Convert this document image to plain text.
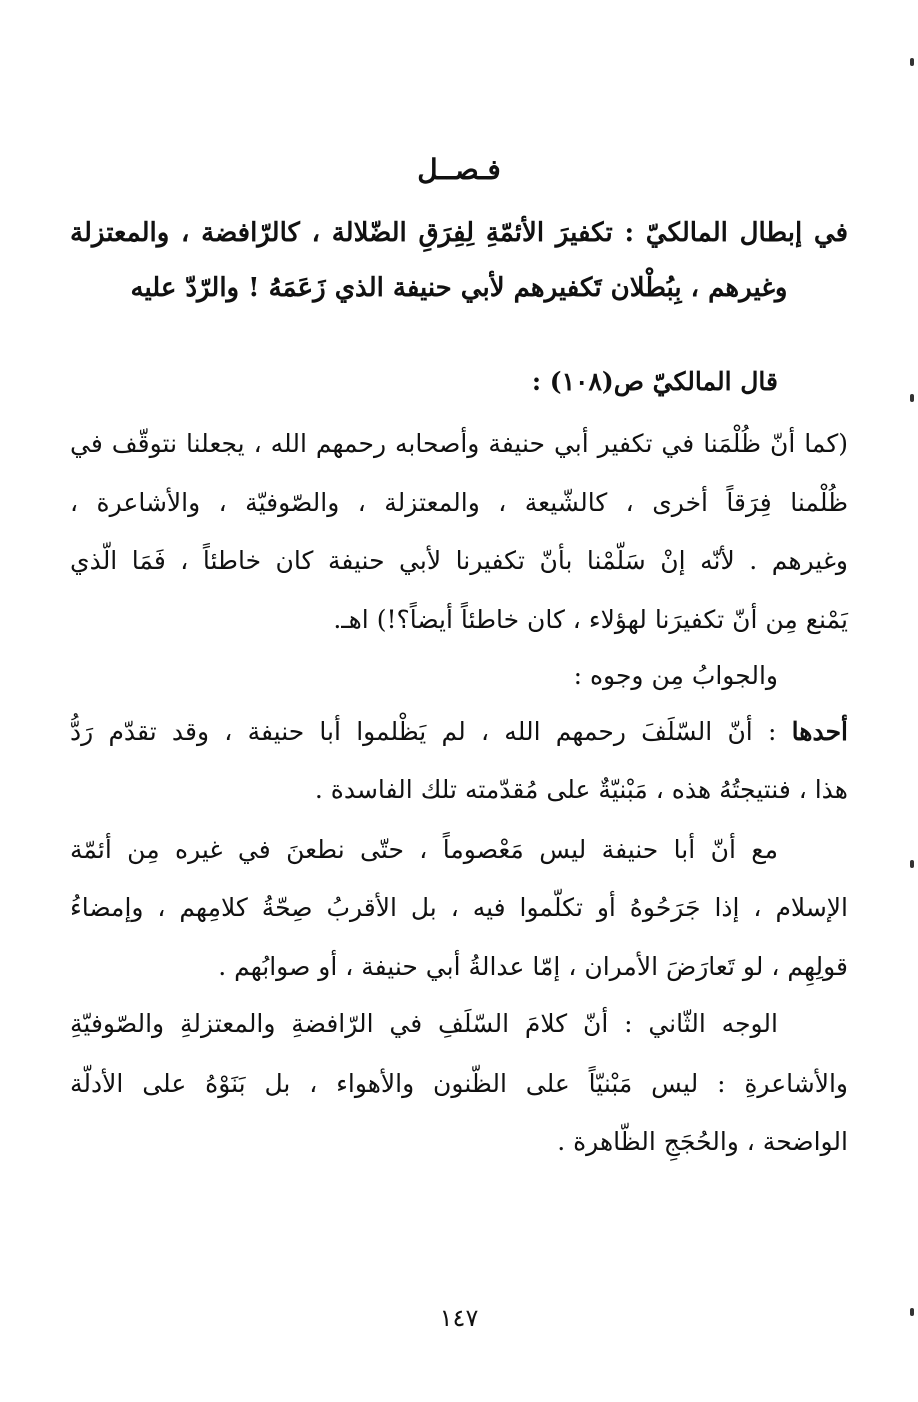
فـصــل
في إبطال المالكيّ : تكفيرَ الأئمّةِ لِفِرَقِ الضّلالة ، كالرّافضة ، والمعتزلة
وغيرهم ، بِبُطْلان تَكفيرهم لأبي حنيفة الذي زَعَمَهُ ! والرّدّ عليه
قال المالكيّ ص(١٠٨) :
(كما أنّ ظُلْمَنا في تكفير أبي حنيفة وأصحابه رحمهم الله ، يجعلنا نتوقّف في
ظُلْمنا فِرَقاً أخرى ، كالشّيعة ، والمعتزلة ، والصّوفيّة ، والأشاعرة ،
وغيرهم . لأنّه إنْ سَلّمْنا بأنّ تكفيرنا لأبي حنيفة كان خاطئاً ، فَمَا الّذي
يَمْنع مِن أنّ تكفيرَنا لهؤلاء ، كان خاطئاً أيضاً؟!) اهـ.
والجوابُ مِن وجوه :
أحدها : أنّ السّلَفَ رحمهم الله ، لم يَظْلموا أبا حنيفة ، وقد تقدّم رَدُّ
هذا ، فنتيجتُهُ هذه ، مَبْنيّةٌ على مُقدّمته تلك الفاسدة .
مع أنّ أبا حنيفة ليس مَعْصوماً ، حتّى نطعنَ في غيره مِن أئمّة
الإسلام ، إذا جَرَحُوهُ أو تكلّموا فيه ، بل الأقربُ صِحّةُ كلامِهم ، وإمضاءُ
قولِهِم ، لو تَعارَضَ الأمران ، إمّا عدالةُ أبي حنيفة ، أو صوابُهم .
الوجه الثّاني : أنّ كلامَ السّلَفِ في الرّافضةِ والمعتزلةِ والصّوفيّةِ
والأشاعرةِ : ليس مَبْنيّاً على الظّنون والأهواء ، بل بَنَوْهُ على الأدلّة
الواضحة ، والحُجَجِ الظّاهرة .
١٤٧
